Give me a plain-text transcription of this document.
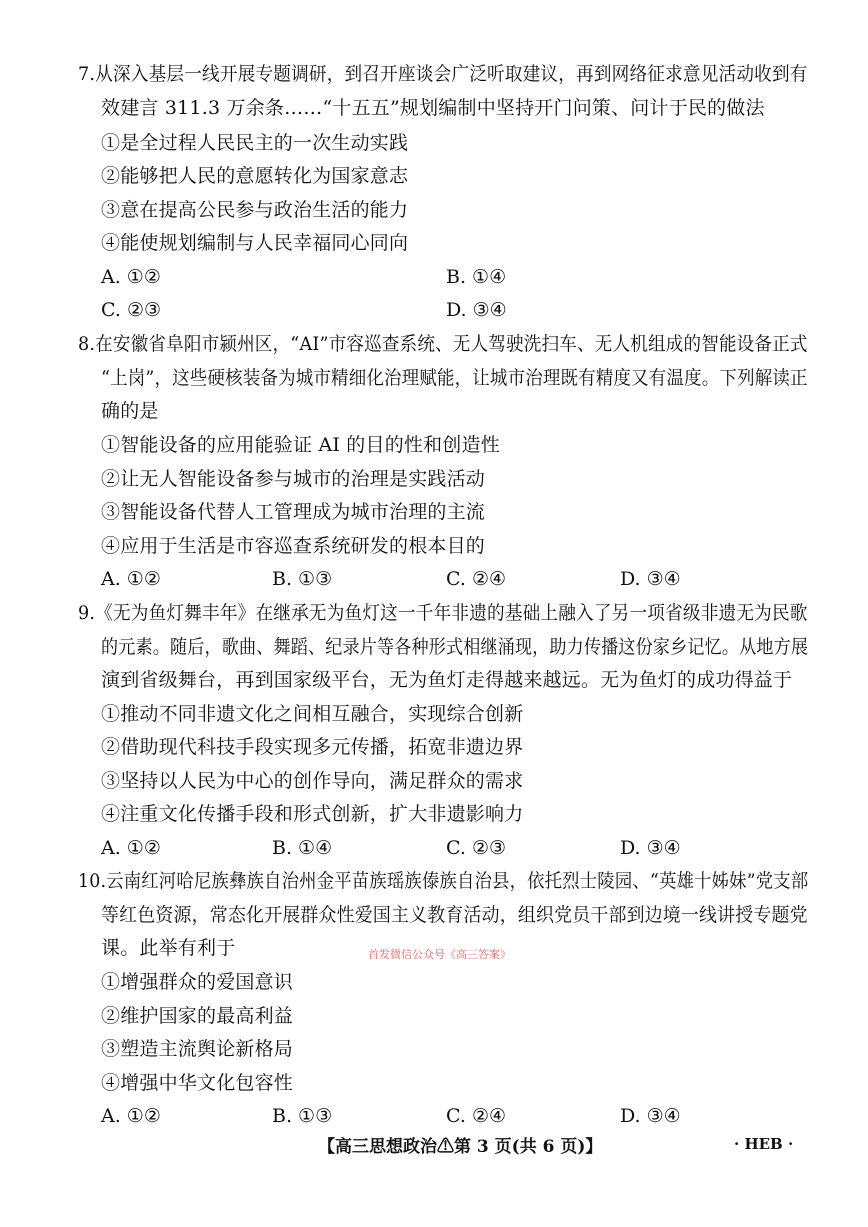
7.从深入基层一线开展专题调研，到召开座谈会广泛听取建议，再到网络征求意见活动收到有
效建言 311.3 万余条……“十五五”规划编制中坚持开门问策、问计于民的做法
①是全过程人民民主的一次生动实践
②能够把人民的意愿转化为国家意志
③意在提高公民参与政治生活的能力
④能使规划编制与人民幸福同心同向
A. ①②	B. ①④
C. ②③	D. ③④
8.在安徽省阜阳市颍州区，“AI”市容巡查系统、无人驾驶洗扫车、无人机组成的智能设备正式
“上岗”，这些硬核装备为城市精细化治理赋能，让城市治理既有精度又有温度。下列解读正
确的是
①智能设备的应用能验证 AI 的目的性和创造性
②让无人智能设备参与城市的治理是实践活动
③智能设备代替人工管理成为城市治理的主流
④应用于生活是市容巡查系统研发的根本目的
A. ①②	B. ①③	C. ②④	D. ③④
9.《无为鱼灯舞丰年》在继承无为鱼灯这一千年非遗的基础上融入了另一项省级非遗无为民歌
的元素。随后，歌曲、舞蹈、纪录片等各种形式相继涌现，助力传播这份家乡记忆。从地方展
演到省级舞台，再到国家级平台，无为鱼灯走得越来越远。无为鱼灯的成功得益于
①推动不同非遗文化之间相互融合，实现综合创新
②借助现代科技手段实现多元传播，拓宽非遗边界
③坚持以人民为中心的创作导向，满足群众的需求
④注重文化传播手段和形式创新，扩大非遗影响力
A. ①②	B. ①④	C. ②③	D. ③④
10.云南红河哈尼族彝族自治州金平苗族瑶族傣族自治县，依托烈士陵园、“英雄十姊妹”党支部
等红色资源，常态化开展群众性爱国主义教育活动，组织党员干部到边境一线讲授专题党
课。此举有利于	首发微信公众号《高三答案》
①增强群众的爱国意识
②维护国家的最高利益
③塑造主流舆论新格局
④增强中华文化包容性
A. ①②	B. ①③	C. ②④	D. ③④
【高三思想政治⚠第 3 页(共 6 页)】	· HEB ·
